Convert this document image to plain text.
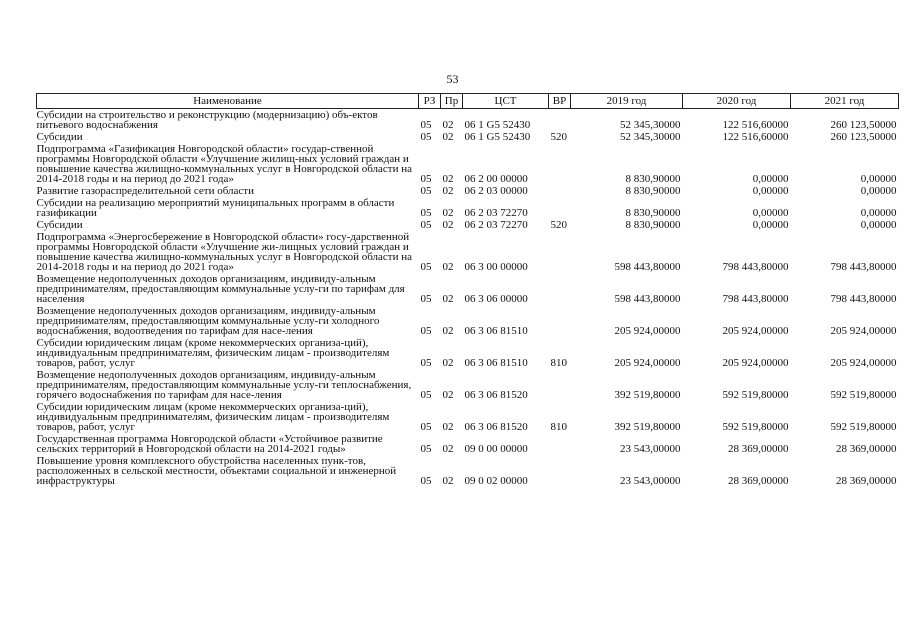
53
Наименование	РЗ	Пр	ЦСТ	ВР	2019 год	2020 год	2021 год
Субсидии на строительство и реконструкцию (модернизацию) объ-ектов питьевого водоснабжения	05	02	06 1 G5 52430		52 345,30000	122 516,60000	260 123,50000
Субсидии	05	02	06 1 G5 52430	520	52 345,30000	122 516,60000	260 123,50000
Подпрограмма «Газификация Новгородской области» государ-ственной программы Новгородской области «Улучшение жилищ-ных условий граждан и повышение качества жилищно-коммунальных услуг в Новгородской области на 2014-2018 годы и на период до 2021 года»	05	02	06 2 00 00000		8 830,90000	0,00000	0,00000
Развитие газораспределительной сети области	05	02	06 2 03 00000		8 830,90000	0,00000	0,00000
Субсидии на реализацию мероприятий муниципальных программ в области газификации	05	02	06 2 03 72270		8 830,90000	0,00000	0,00000
Субсидии	05	02	06 2 03 72270	520	8 830,90000	0,00000	0,00000
Подпрограмма «Энергосбережение в Новгородской области» госу-дарственной программы Новгородской области «Улучшение жи-лищных условий граждан и повышение качества жилищно-коммунальных услуг в Новгородской области на 2014-2018 годы и на период до 2021 года»	05	02	06 3 00 00000		598 443,80000	798 443,80000	798 443,80000
Возмещение недополученных доходов организациям, индивиду-альным предпринимателям, предоставляющим коммунальные услу-ги по тарифам для населения	05	02	06 3 06 00000		598 443,80000	798 443,80000	798 443,80000
Возмещение недополученных доходов организациям, индивиду-альным предпринимателям, предоставляющим коммунальные услу-ги холодного водоснабжения, водоотведения по тарифам для насе-ления	05	02	06 3 06 81510		205 924,00000	205 924,00000	205 924,00000
Субсидии юридическим лицам (кроме некоммерческих организа-ций), индивидуальным предпринимателям, физическим лицам - производителям товаров, работ, услуг	05	02	06 3 06 81510	810	205 924,00000	205 924,00000	205 924,00000
Возмещение недополученных доходов организациям, индивиду-альным предпринимателям, предоставляющим коммунальные услу-ги теплоснабжения, горячего водоснабжения по тарифам для насе-ления	05	02	06 3 06 81520		392 519,80000	592 519,80000	592 519,80000
Субсидии юридическим лицам (кроме некоммерческих организа-ций), индивидуальным предпринимателям, физическим лицам - производителям товаров, работ, услуг	05	02	06 3 06 81520	810	392 519,80000	592 519,80000	592 519,80000
Государственная программа Новгородской области «Устойчивое развитие сельских территорий в Новгородской области на 2014-2021 годы»	05	02	09 0 00 00000		23 543,00000	28 369,00000	28 369,00000
Повышение уровня комплексного обустройства населенных пунк-тов, расположенных в сельской местности, объектами социальной и инженерной инфраструктуры	05	02	09 0 02 00000		23 543,00000	28 369,00000	28 369,00000
